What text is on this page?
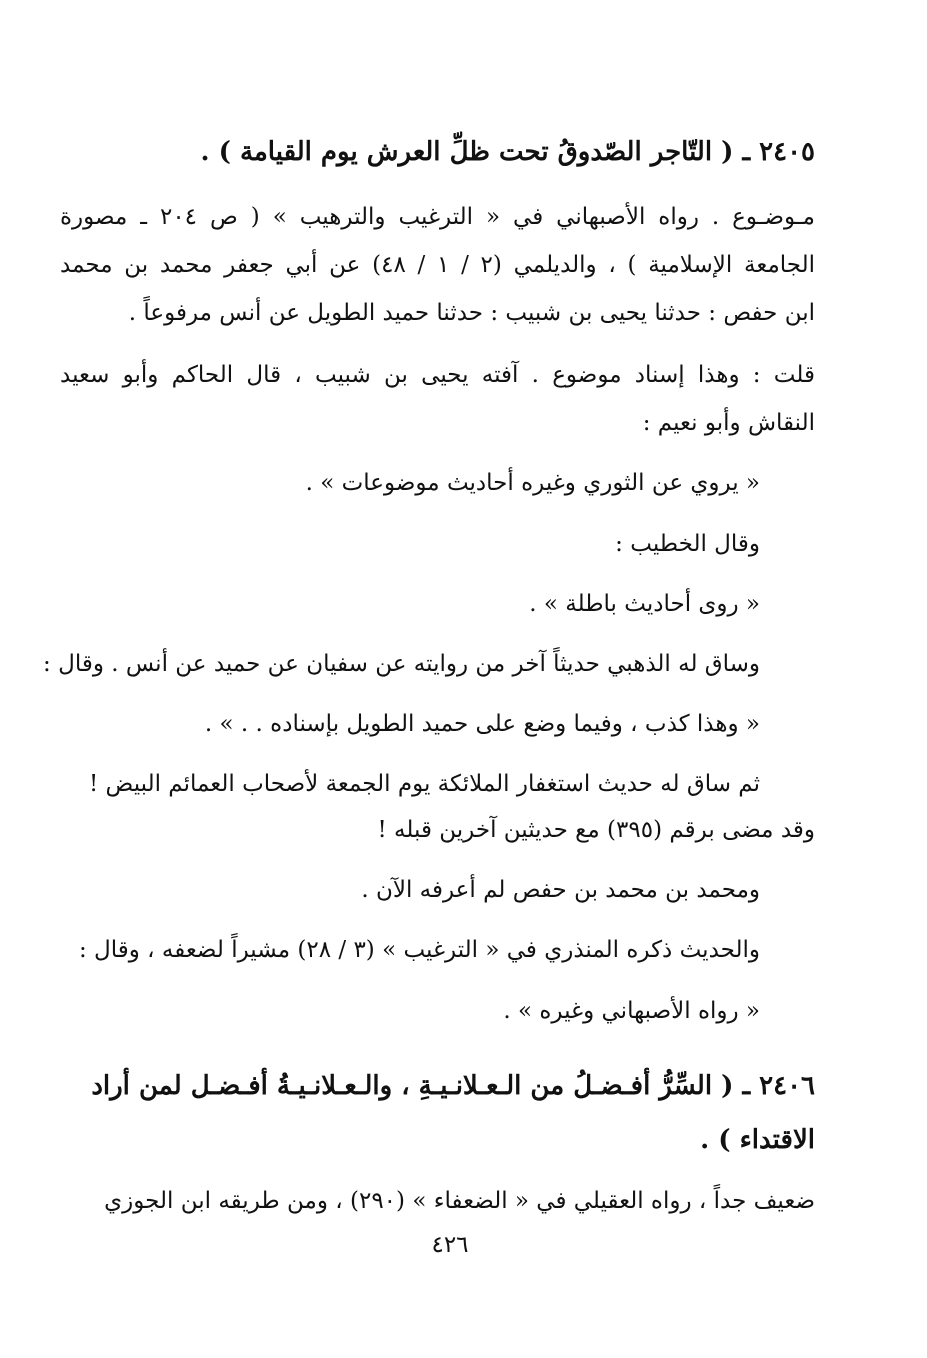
٢٤٠٥ ـ ( التّاجر الصّدوقُ تحت ظلِّ العرش يوم القيامة ) .
مـوضـوع . رواه الأصبهاني في « الترغيب والترهيب » ( ص ٢٠٤ ـ مصورة
الجامعة الإسلامية ) ، والديلمي (٢ / ١ / ٤٨) عن أبي جعفر محمد بن محمد
ابن حفص : حدثنا يحيى بن شبيب : حدثنا حميد الطويل عن أنس مرفوعاً .
قلت : وهذا إسناد موضوع . آفته يحيى بن شبيب ، قال الحاكم وأبو سعيد
النقاش وأبو نعيم :
« يروي عن الثوري وغيره أحاديث موضوعات » .
وقال الخطيب :
« روى أحاديث باطلة » .
وساق له الذهبي حديثاً آخر من روايته عن سفيان عن حميد عن أنس . وقال :
« وهذا كذب ، وفيما وضع على حميد الطويل بإسناده . . » .
ثم ساق له حديث استغفار الملائكة يوم الجمعة لأصحاب العمائم البيض !
وقد مضى برقم (٣٩٥) مع حديثين آخرين قبله !
ومحمد بن محمد بن حفص لم أعرفه الآن .
والحديث ذكره المنذري في « الترغيب » (٣ / ٢٨) مشيراً لضعفه ، وقال :
« رواه الأصبهاني وغيره » .
٢٤٠٦ ـ ( السِّرُّ أفـضـلُ من الـعـلانـيـةِ ، والـعـلانـيـةُ أفـضـل لمن أراد
الاقتداء ) .
ضعيف جداً ، رواه العقيلي في « الضعفاء » (٢٩٠) ، ومن طريقه ابن الجوزي
٤٢٦
